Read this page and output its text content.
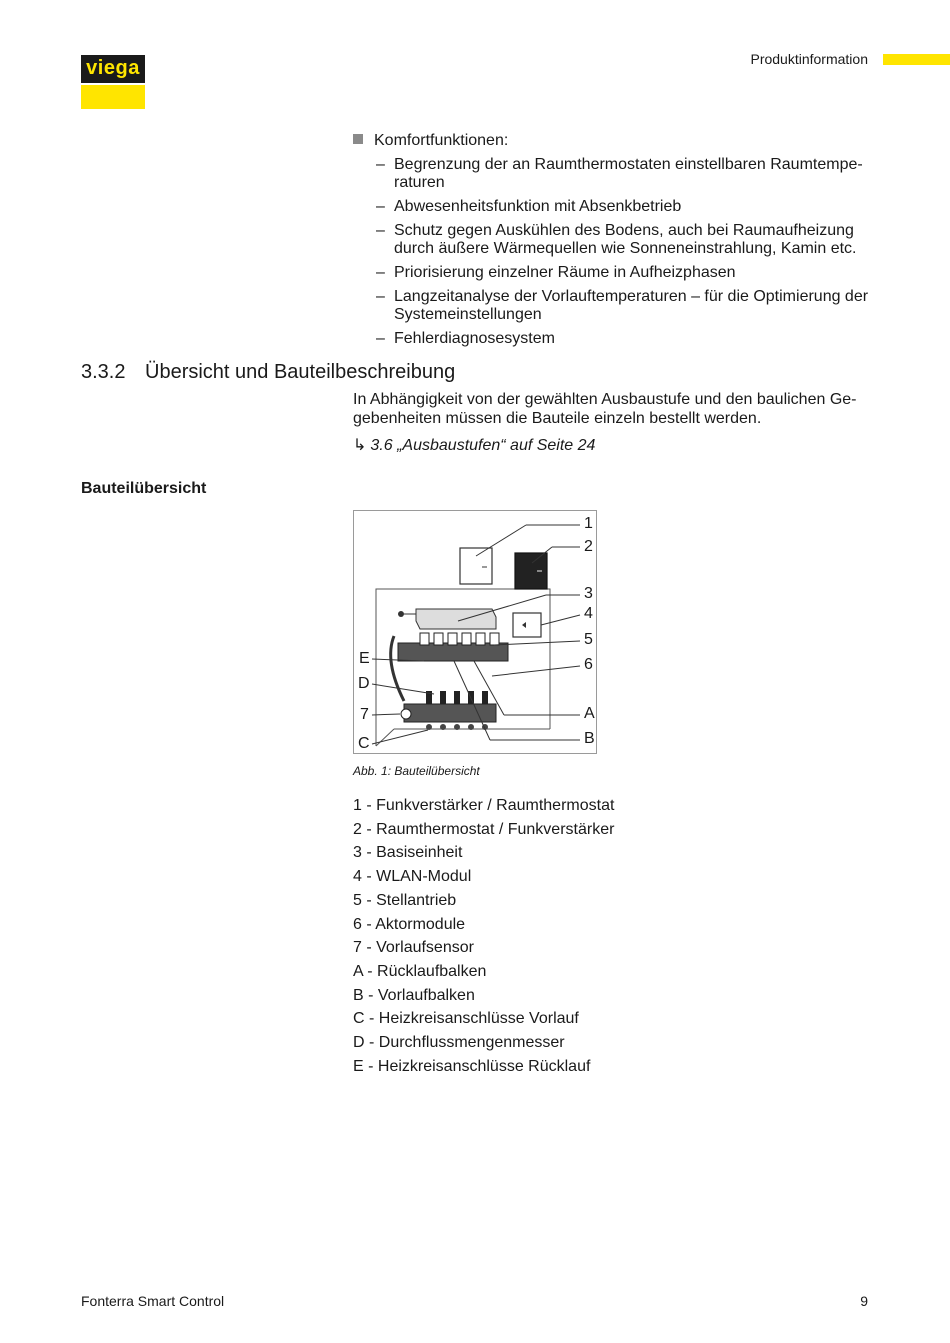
viega	Produktinformation
Komfortfunktionen:
– Begrenzung der an Raumthermostaten einstellbaren Raumtempe-raturen
– Abwesenheitsfunktion mit Absenkbetrieb
– Schutz gegen Auskühlen des Bodens, auch bei Raumaufheizung durch äußere Wärmequellen wie Sonneneinstrahlung, Kamin etc.
– Priorisierung einzelner Räume in Aufheizphasen
– Langzeitanalyse der Vorlauftemperaturen – für die Optimierung der Systemeinstellungen
– Fehlerdiagnosesystem
3.3.2 Übersicht und Bauteilbeschreibung
In Abhängigkeit von der gewählten Ausbaustufe und den baulichen Ge-gebenheiten müssen die Bauteile einzeln bestellt werden.
↳ 3.6 „Ausbaustufen“ auf Seite 24
Bauteilübersicht
1
2
3
4
5
6
A
B
E
D
7
C
Abb. 1: Bauteilübersicht
1 - Funkverstärker / Raumthermostat
2 - Raumthermostat / Funkverstärker
3 - Basiseinheit
4 - WLAN-Modul
5 - Stellantrieb
6 - Aktormodule
7 - Vorlaufsensor
A - Rücklaufbalken
B - Vorlaufbalken
C - Heizkreisanschlüsse Vorlauf
D - Durchflussmengenmesser
E - Heizkreisanschlüsse Rücklauf
Fonterra Smart Control	9
